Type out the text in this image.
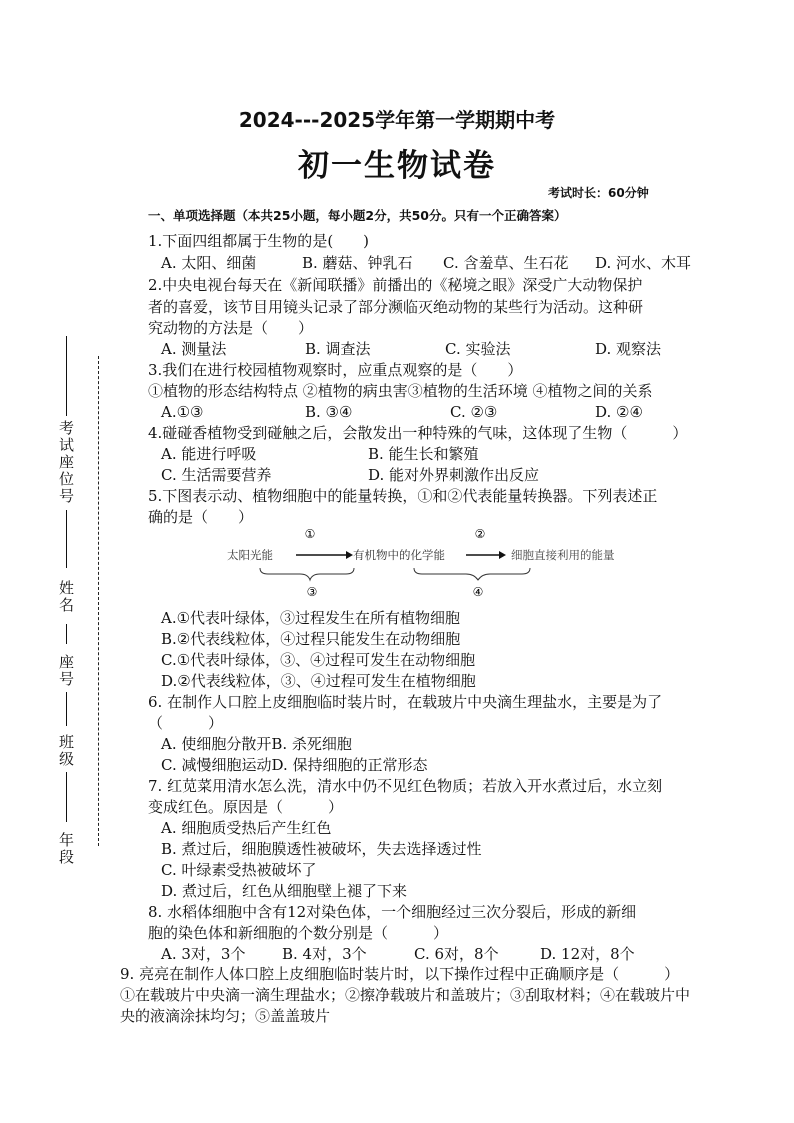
2024---2025学年第一学期期中考
初一生物试卷
考试时长：60分钟
一、单项选择题（本共25小题，每小题2分，共50分。只有一个正确答案）
考试座位号
姓名
座号
班级
年段
1.下面四组都属于生物的是(　　)
A. 太阳、细菌	B. 蘑菇、钟乳石 C. 含羞草、生石花 D. 河水、木耳
2.中央电视台每天在《新闻联播》前播出的《秘境之眼》深受广大动物保护
者的喜爱，该节目用镜头记录了部分濒临灭绝动物的某些行为活动。这种研
究动物的方法是（　　）
A. 测量法	B. 调查法	C. 实验法	D. 观察法
3.我们在进行校园植物观察时，应重点观察的是（　　）
①植物的形态结构特点 ②植物的病虫害③植物的生活环境 ④植物之间的关系
A.①③	B. ③④	C. ②③	D. ②④
4.碰碰香植物受到碰触之后，会散发出一种特殊的气味，这体现了生物（　　　）
A. 能进行呼吸	B. 能生长和繁殖
C. 生活需要营养	D. 能对外界刺激作出反应
5.下图表示动、植物细胞中的能量转换，①和②代表能量转换器。下列表述正
确的是（　　）
①	②
太阳光能	有机物中的化学能	细胞直接利用的能量
③	④
A.①代表叶绿体，③过程发生在所有植物细胞
B.②代表线粒体，④过程只能发生在动物细胞
C.①代表叶绿体，③、④过程可发生在动物细胞
D.②代表线粒体，③、④过程可发生在植物细胞
6. 在制作人口腔上皮细胞临时装片时，在载玻片中央滴生理盐水，主要是为了
（　　　）
A. 使细胞分散开B. 杀死细胞
C. 减慢细胞运动D. 保持细胞的正常形态
7. 红苋菜用清水怎么洗，清水中仍不见红色物质；若放入开水煮过后，水立刻
变成红色。原因是（　　　）
A. 细胞质受热后产生红色
B. 煮过后，细胞膜透性被破坏，失去选择透过性
C. 叶绿素受热被破坏了
D. 煮过后，红色从细胞壁上褪了下来
8. 水稻体细胞中含有12对染色体，一个细胞经过三次分裂后，形成的新细
胞的染色体和新细胞的个数分别是（　　　）
A. 3对，3个 B. 4对，3个	C. 6对，8个	D. 12对，8个
9. 亮亮在制作人体口腔上皮细胞临时装片时，以下操作过程中正确顺序是（　　　）
①在载玻片中央滴一滴生理盐水；②擦净载玻片和盖玻片；③刮取材料；④在载玻片中
央的液滴涂抹均匀；⑤盖盖玻片
